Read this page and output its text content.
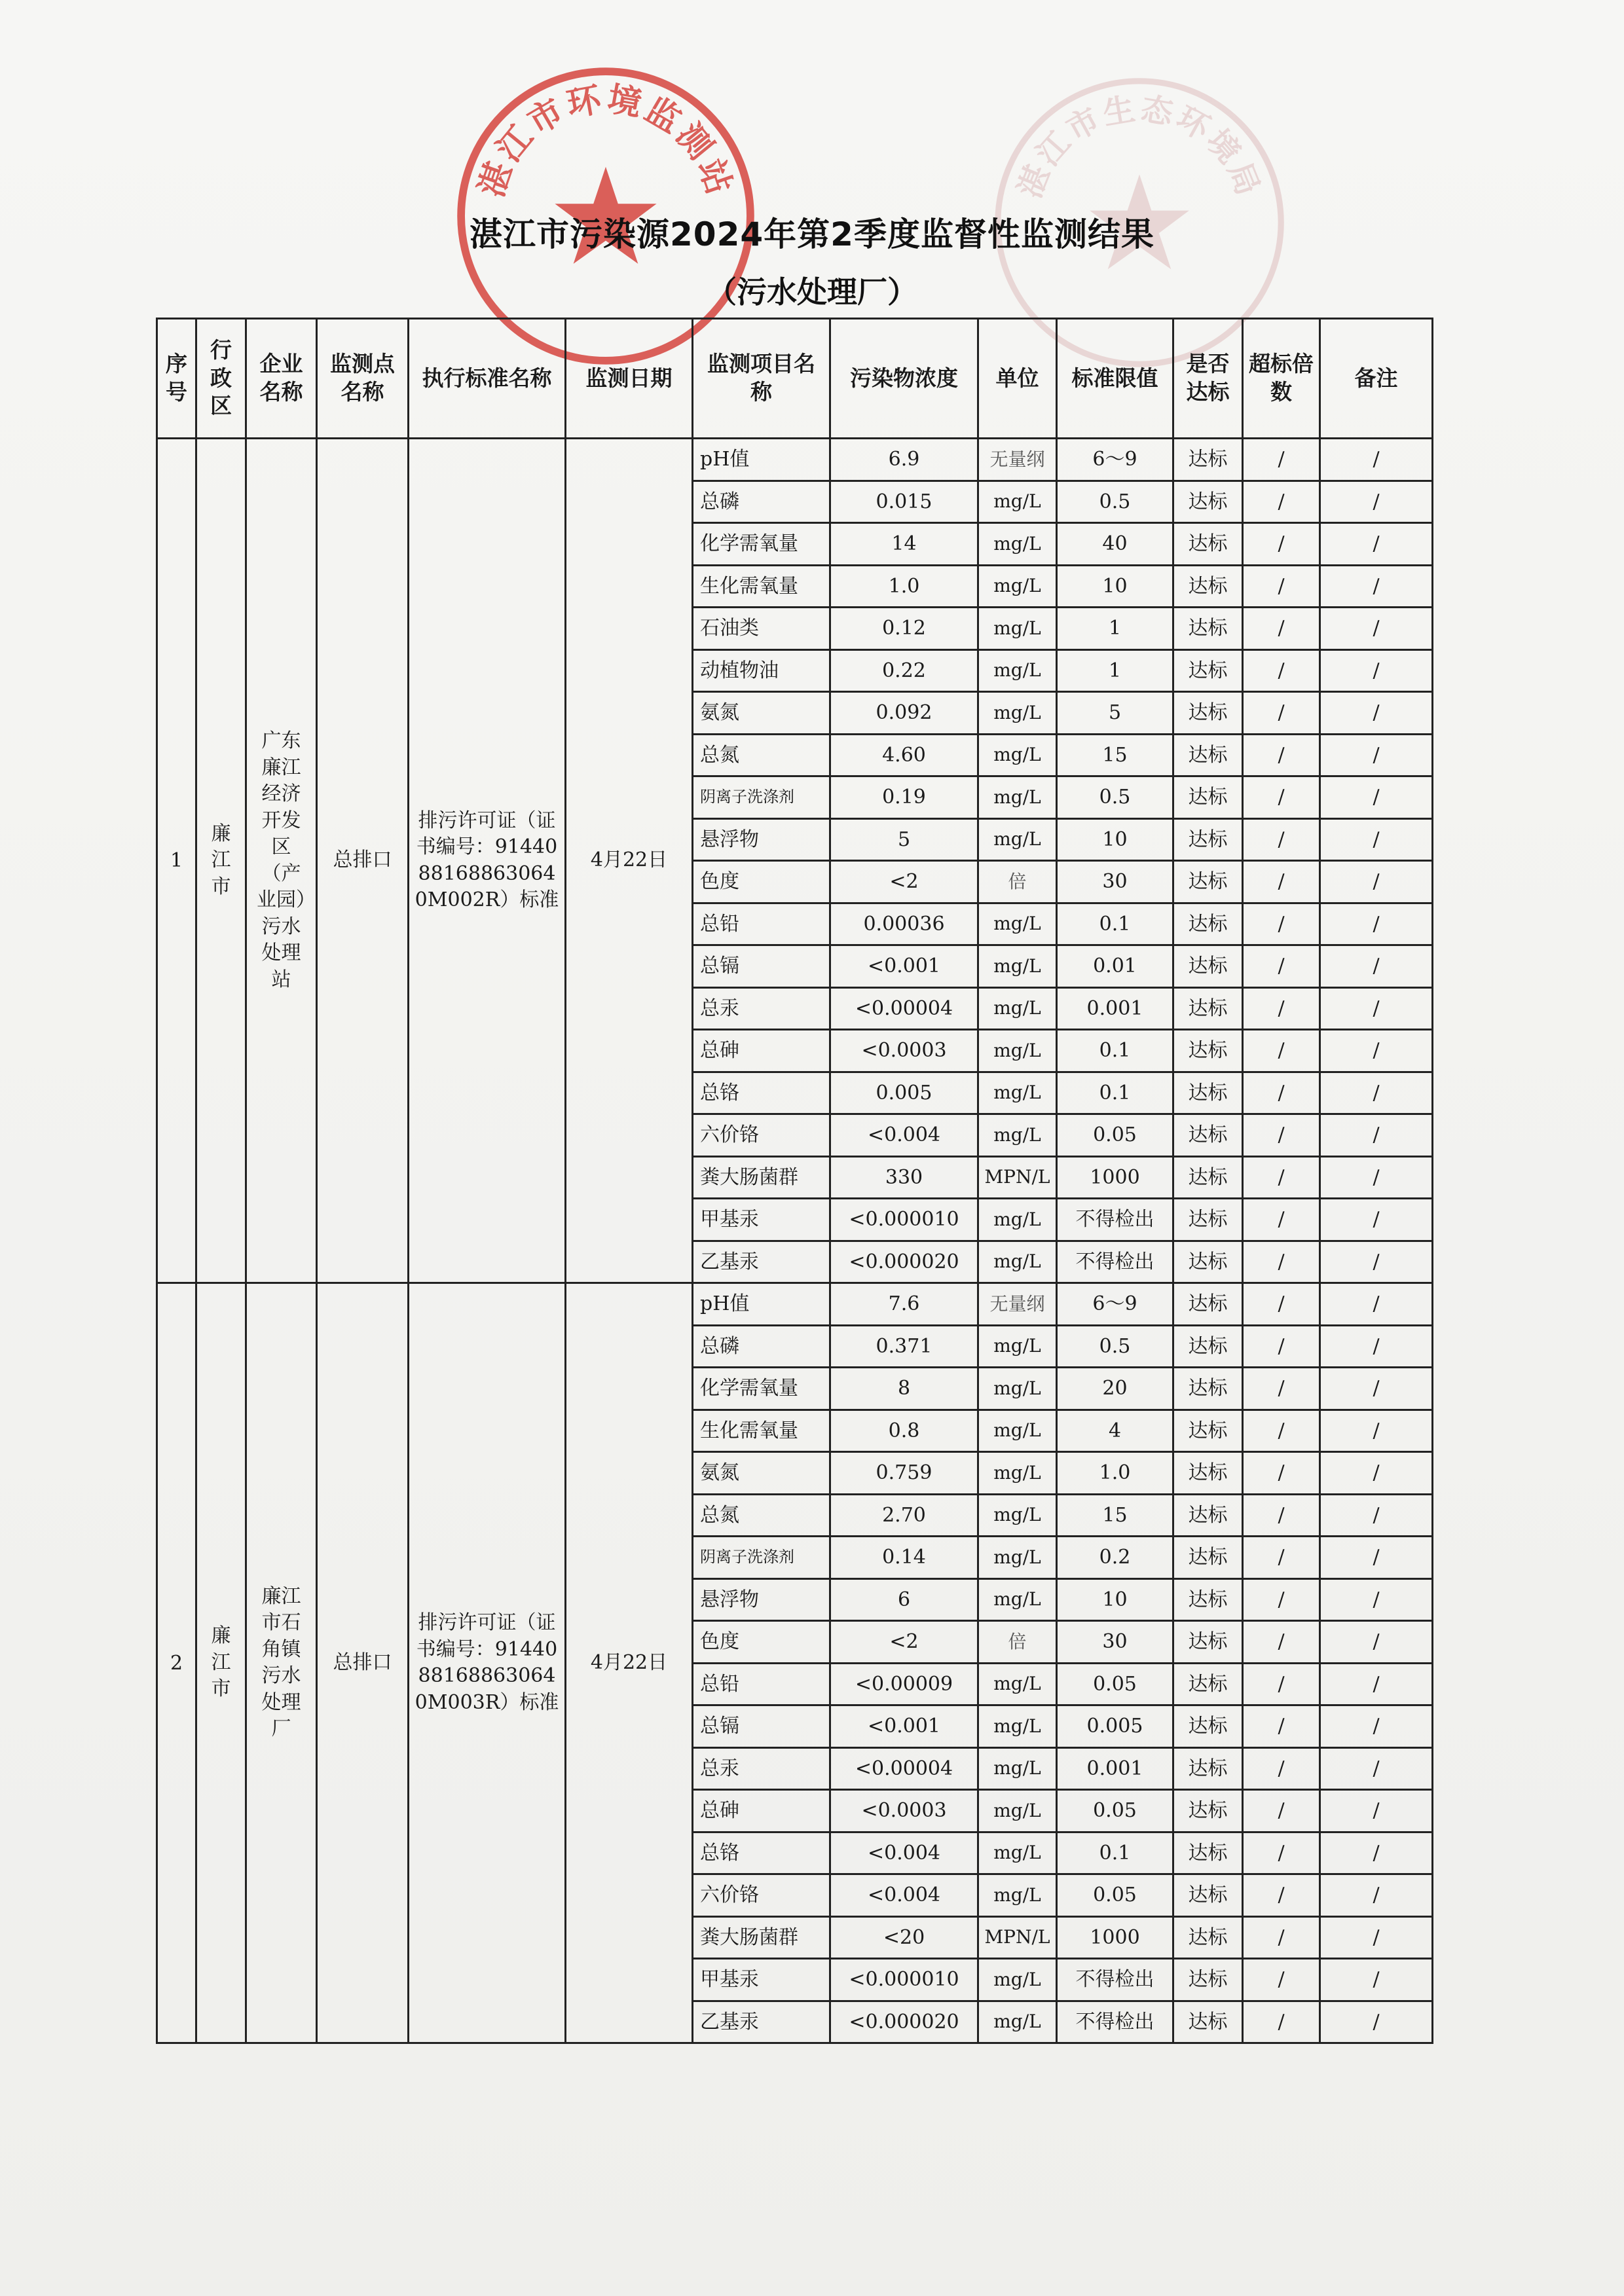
湛江市环境监测站	湛江市生态环境局
湛江市污染源2024年第2季度监督性监测结果
（污水处理厂）
序号	行政区	企业名称	监测点名称	执行标准名称	监测日期	监测项目名称	污染物浓度	单位	标准限值	是否达标	超标倍数	备注
1	廉江市	广东廉江经济开发区（产业园）污水处理站	总排口	排污许可证（证书编号：91440881688630640M002R）标准	4月22日	pH值	6.9	无量纲	6～9	达标	/	/
						总磷	0.015	mg/L	0.5	达标	/	/
						化学需氧量	14	mg/L	40	达标	/	/
						生化需氧量	1.0	mg/L	10	达标	/	/
						石油类	0.12	mg/L	1	达标	/	/
						动植物油	0.22	mg/L	1	达标	/	/
						氨氮	0.092	mg/L	5	达标	/	/
						总氮	4.60	mg/L	15	达标	/	/
						阴离子洗涤剂	0.19	mg/L	0.5	达标	/	/
						悬浮物	5	mg/L	10	达标	/	/
						色度	<2	倍	30	达标	/	/
						总铅	0.00036	mg/L	0.1	达标	/	/
						总镉	<0.001	mg/L	0.01	达标	/	/
						总汞	<0.00004	mg/L	0.001	达标	/	/
						总砷	<0.0003	mg/L	0.1	达标	/	/
						总铬	0.005	mg/L	0.1	达标	/	/
						六价铬	<0.004	mg/L	0.05	达标	/	/
						粪大肠菌群	330	MPN/L	1000	达标	/	/
						甲基汞	<0.000010	mg/L	不得检出	达标	/	/
						乙基汞	<0.000020	mg/L	不得检出	达标	/	/
2	廉江市	廉江市石角镇污水处理厂	总排口	排污许可证（证书编号：91440881688630640M003R）标准	4月22日	pH值	7.6	无量纲	6～9	达标	/	/
						总磷	0.371	mg/L	0.5	达标	/	/
						化学需氧量	8	mg/L	20	达标	/	/
						生化需氧量	0.8	mg/L	4	达标	/	/
						氨氮	0.759	mg/L	1.0	达标	/	/
						总氮	2.70	mg/L	15	达标	/	/
						阴离子洗涤剂	0.14	mg/L	0.2	达标	/	/
						悬浮物	6	mg/L	10	达标	/	/
						色度	<2	倍	30	达标	/	/
						总铅	<0.00009	mg/L	0.05	达标	/	/
						总镉	<0.001	mg/L	0.005	达标	/	/
						总汞	<0.00004	mg/L	0.001	达标	/	/
						总砷	<0.0003	mg/L	0.05	达标	/	/
						总铬	<0.004	mg/L	0.1	达标	/	/
						六价铬	<0.004	mg/L	0.05	达标	/	/
						粪大肠菌群	<20	MPN/L	1000	达标	/	/
						甲基汞	<0.000010	mg/L	不得检出	达标	/	/
						乙基汞	<0.000020	mg/L	不得检出	达标	/	/
